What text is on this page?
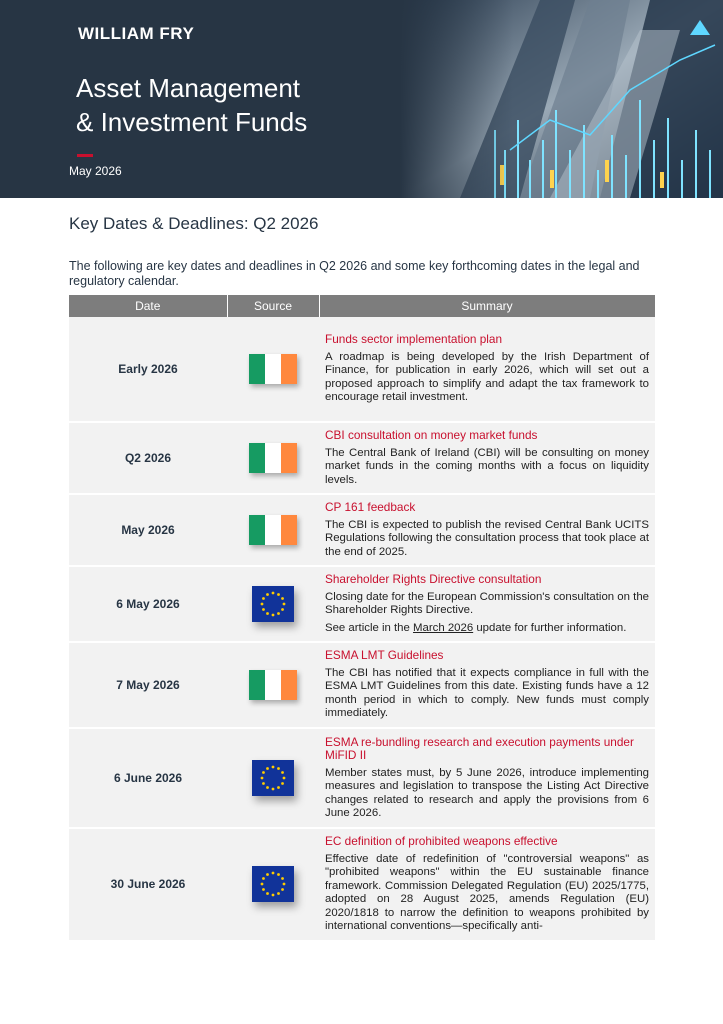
WILLIAM FRY
Asset Management
& Investment Funds
May 2026
Key Dates & Deadlines: Q2 2026
The following are key dates and deadlines in Q2 2026 and some key forthcoming dates in the legal and regulatory calendar.
Date	Source	Summary
Early 2026		Funds sector implementation plan

A roadmap is being developed by the Irish Department of Finance, for publication in early 2026, which will set out a proposed approach to simplify and adapt the tax framework to encourage retail investment.

Q2 2026		CBI consultation on money market funds

The Central Bank of Ireland (CBI) will be consulting on money market funds in the coming months with a focus on liquidity levels.

May 2026		CP 161 feedback

The CBI is expected to publish the revised Central Bank UCITS Regulations following the consultation process that took place at the end of 2025.

6 May 2026		Shareholder Rights Directive consultation

Closing date for the European Commission's consultation on the Shareholder Rights Directive.

See article in the March 2026 update for further information.

7 May 2026		ESMA LMT Guidelines

The CBI has notified that it expects compliance in full with the ESMA LMT Guidelines from this date. Existing funds have a 12 month period in which to comply. New funds must comply immediately.

6 June 2026		ESMA re-bundling research and execution payments under MiFID II

Member states must, by 5 June 2026, introduce implementing measures and legislation to transpose the Listing Act Directive changes related to research and apply the provisions from 6 June 2026.

30 June 2026		EC definition of prohibited weapons effective

Effective date of redefinition of "controversial weapons" as "prohibited weapons" within the EU sustainable finance framework. Commission Delegated Regulation (EU) 2025/1775, adopted on 28 August 2025, amends Regulation (EU) 2020/1818 to narrow the definition to weapons prohibited by international conventions—specifically anti-
